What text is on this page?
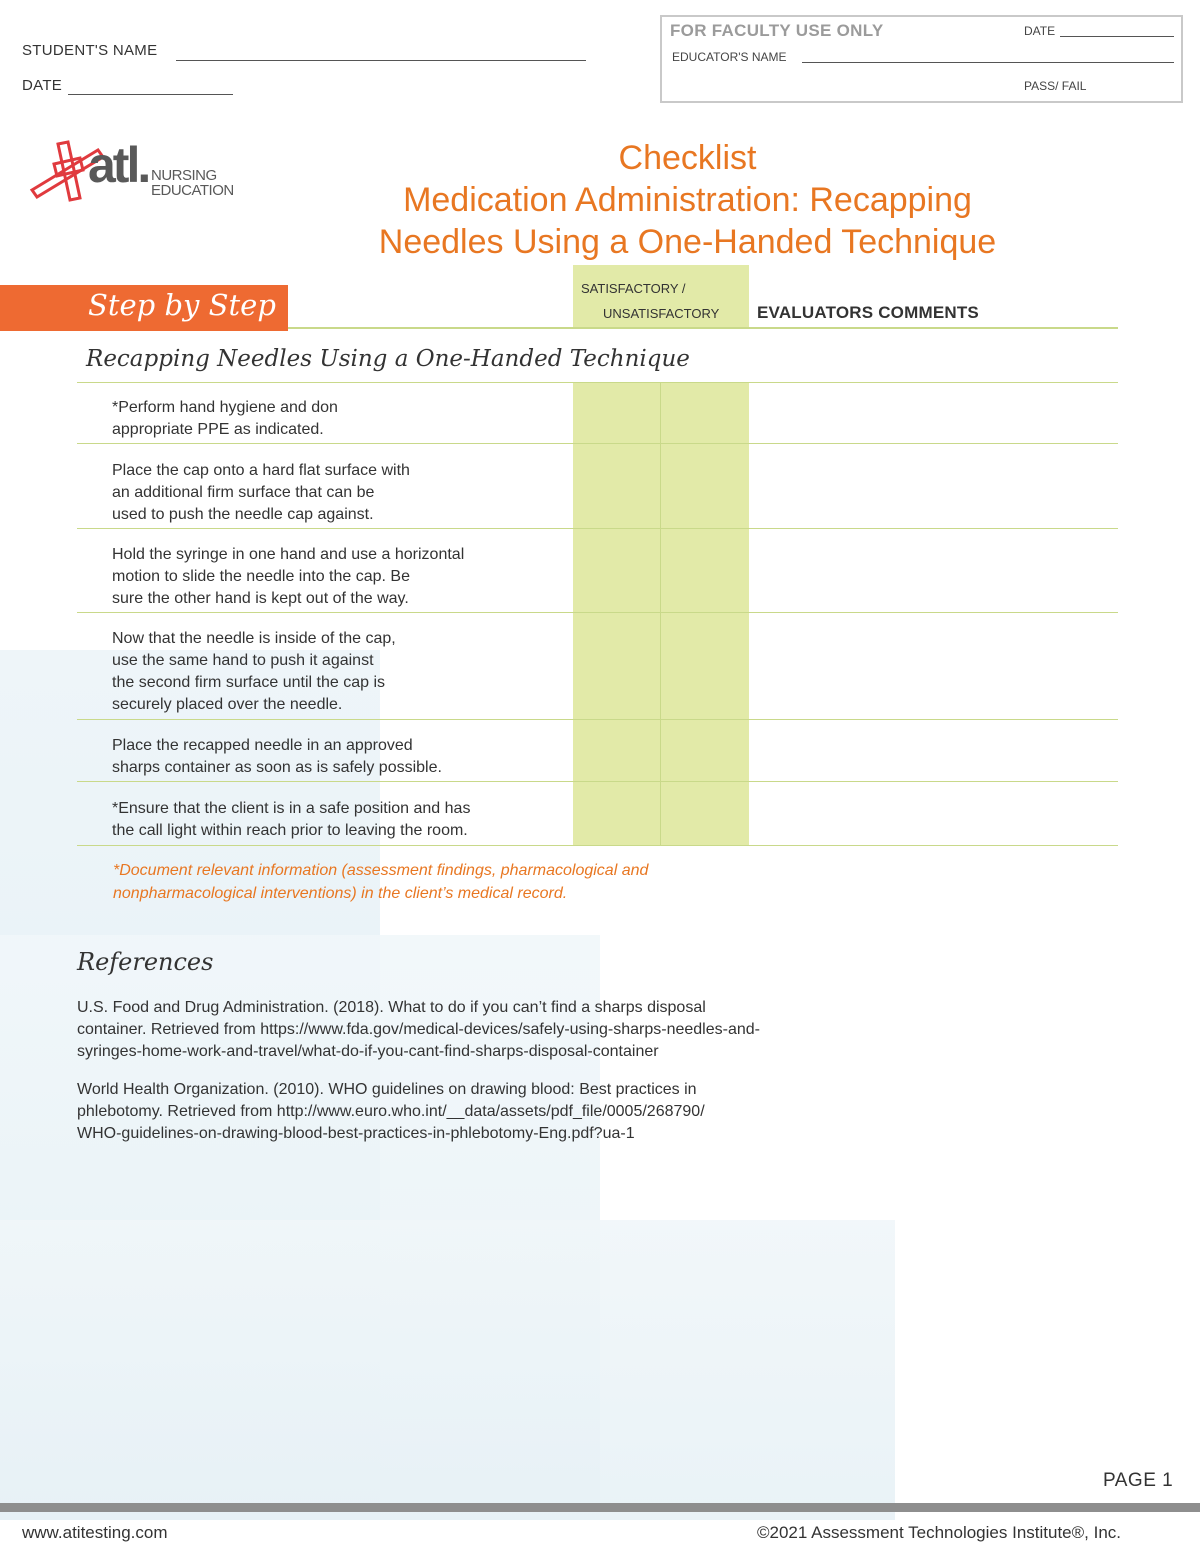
STUDENT'S NAME
DATE
FOR FACULTY USE ONLY	DATE
EDUCATOR'S NAME
PASS/ FAIL
atl. NURSING
EDUCATION
Checklist
Medication Administration: Recapping
Needles Using a One-Handed Technique
Step by Step	SATISFACTORY /
UNSATISFACTORY EVALUATORS COMMENTS
Recapping Needles Using a One-Handed Technique
*Perform hand hygiene and don
appropriate PPE as indicated.
Place the cap onto a hard flat surface with
an additional firm surface that can be
used to push the needle cap against.
Hold the syringe in one hand and use a horizontal
motion to slide the needle into the cap. Be
sure the other hand is kept out of the way.
Now that the needle is inside of the cap,
use the same hand to push it against
the second firm surface until the cap is
securely placed over the needle.
Place the recapped needle in an approved
sharps container as soon as is safely possible.
*Ensure that the client is in a safe position and has
the call light within reach prior to leaving the room.
*Document relevant information (assessment findings, pharmacological and
nonpharmacological interventions) in the client’s medical record.
References
U.S. Food and Drug Administration. (2018). What to do if you can’t find a sharps disposal
container. Retrieved from https://www.fda.gov/medical-devices/safely-using-sharps-needles-and-
syringes-home-work-and-travel/what-do-if-you-cant-find-sharps-disposal-container
World Health Organization. (2010). WHO guidelines on drawing blood: Best practices in
phlebotomy. Retrieved from http://www.euro.who.int/__data/assets/pdf_file/0005/268790/
WHO-guidelines-on-drawing-blood-best-practices-in-phlebotomy-Eng.pdf?ua-1
PAGE 1
www.atitesting.com	©2021 Assessment Technologies Institute®, Inc.
